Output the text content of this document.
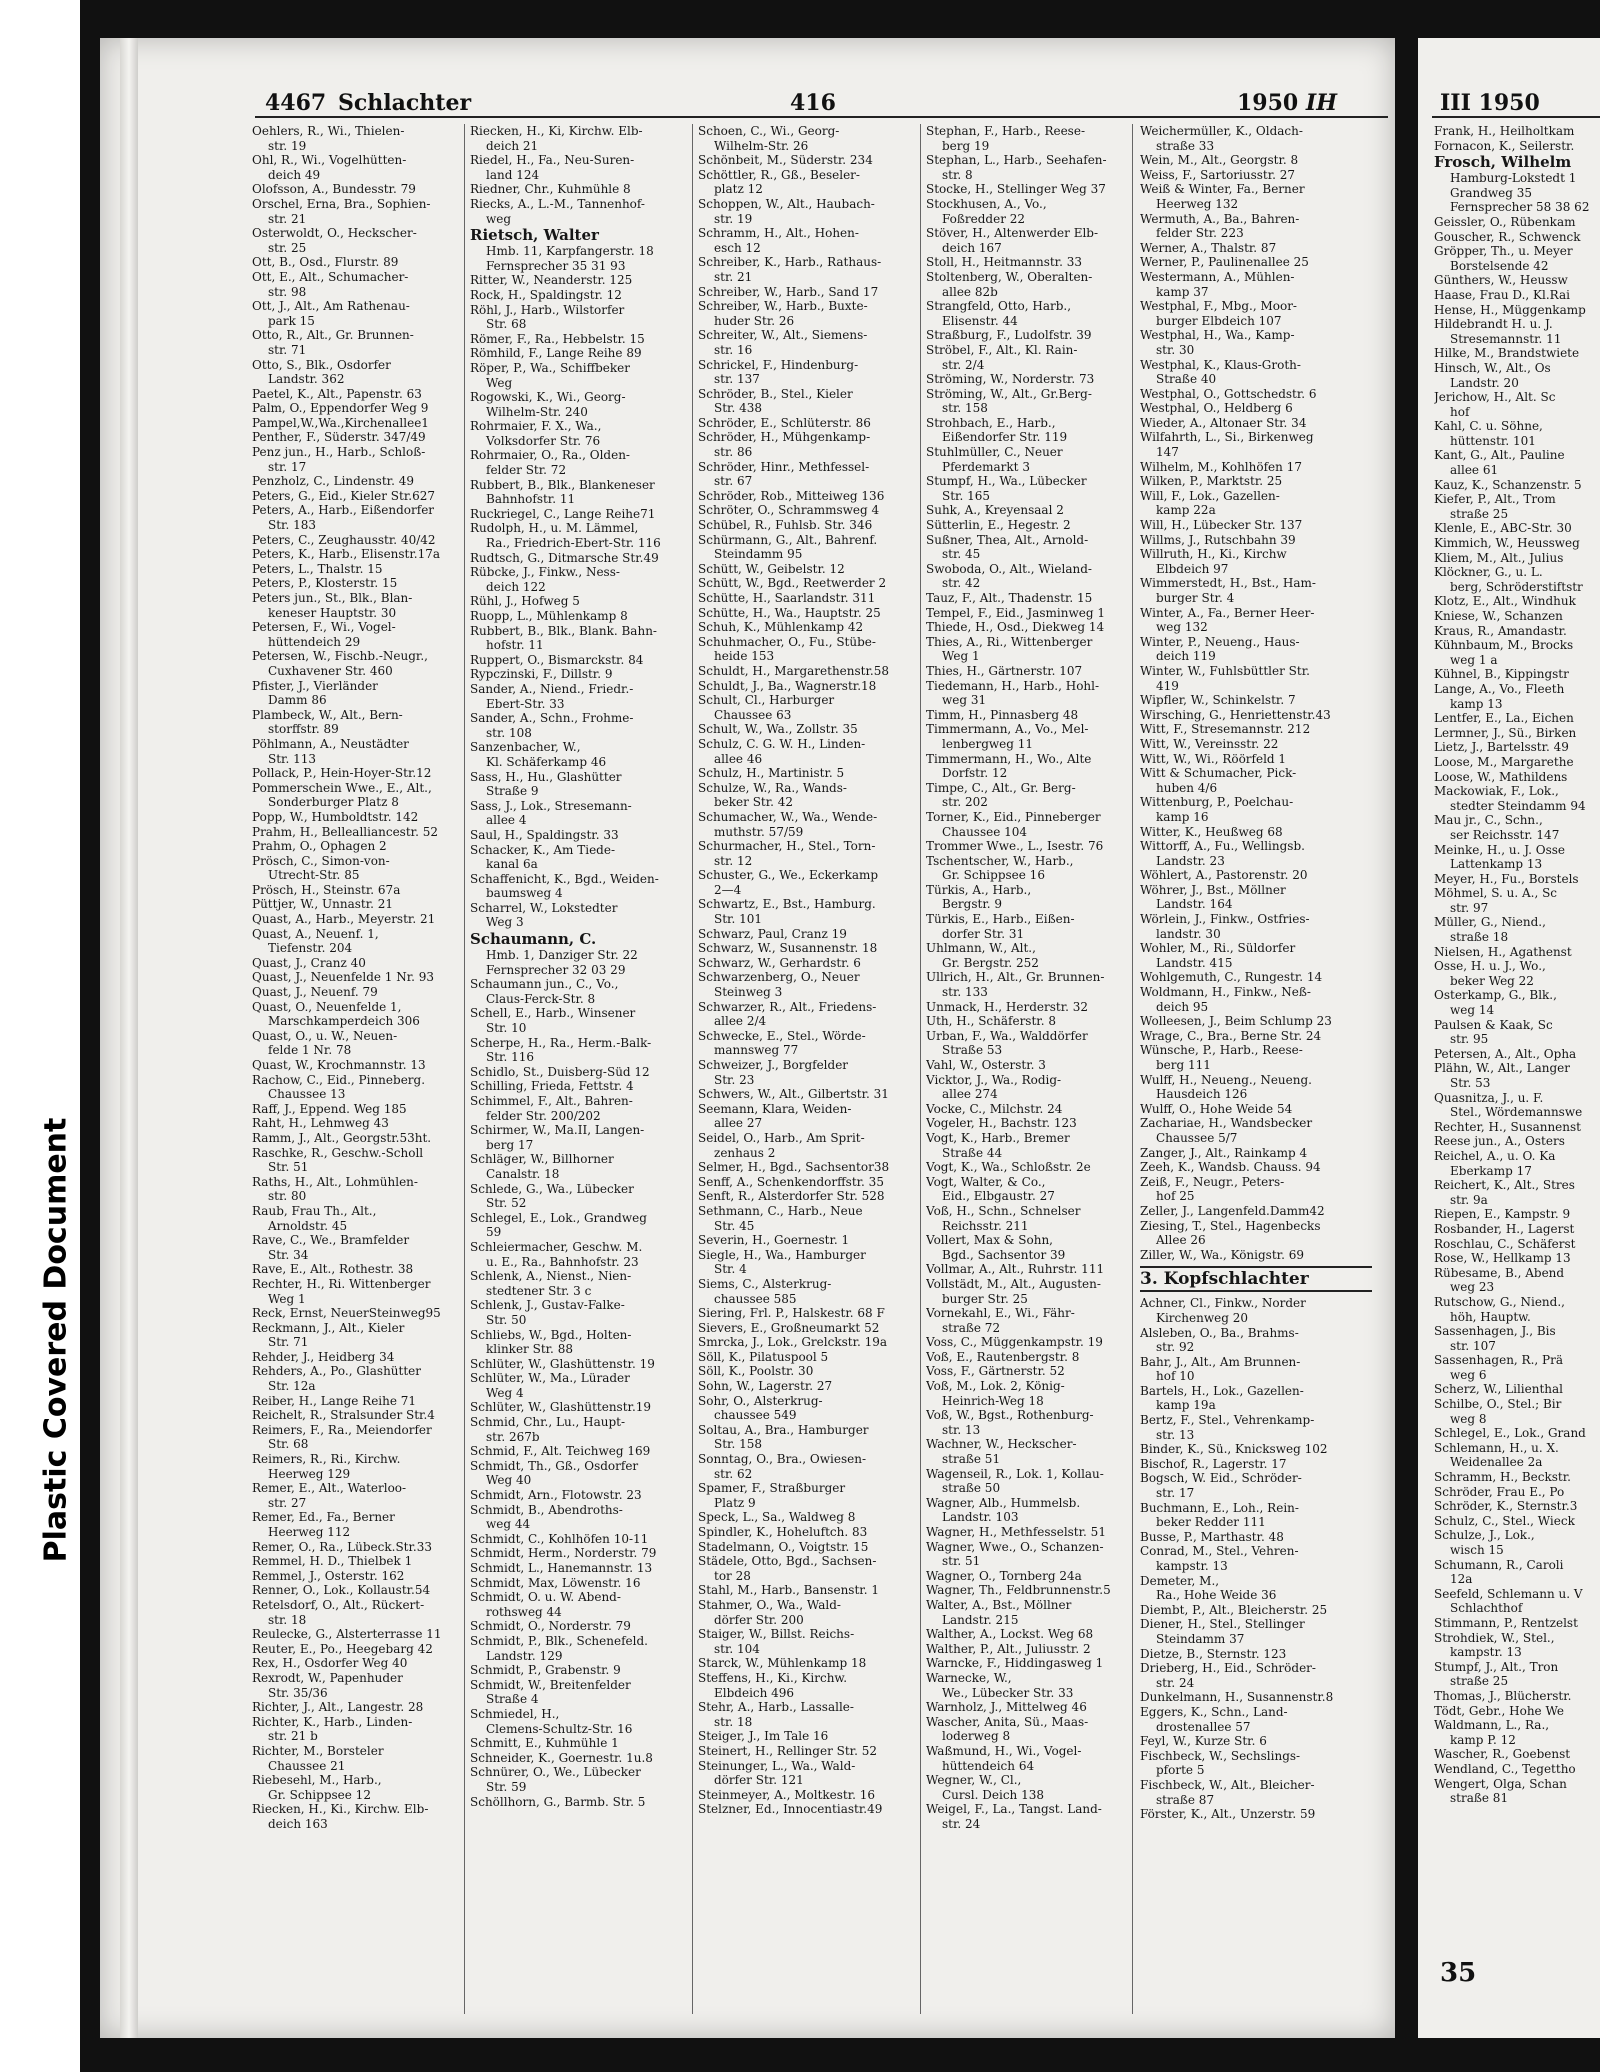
Plastic Covered Document
4467 Schlachter	416	1950 IH	III 1950

Oehlers, R., Wi., Thielen-

str. 19

Ohl, R., Wi., Vogelhütten-

deich 49

Olofsson, A., Bundesstr. 79

Orschel, Erna, Bra., Sophien-

str. 21

Osterwoldt, O., Heckscher-

str. 25

Ott, B., Osd., Flurstr. 89

Ott, E., Alt., Schumacher-

str. 98

Ott, J., Alt., Am Rathenau-

park 15

Otto, R., Alt., Gr. Brunnen-

str. 71

Otto, S., Blk., Osdorfer

Landstr. 362

Paetel, K., Alt., Papenstr. 63

Palm, O., Eppendorfer Weg 9

Pampel,W.,Wa.,Kirchenallee1

Penther, F., Süderstr. 347/49

Penz jun., H., Harb., Schloß-

str. 17

Penzholz, C., Lindenstr. 49

Peters, G., Eid., Kieler Str.627

Peters, A., Harb., Eißendorfer

Str. 183

Peters, C., Zeughausstr. 40/42

Peters, K., Harb., Elisenstr.17a

Peters, L., Thalstr. 15

Peters, P., Klosterstr. 15

Peters jun., St., Blk., Blan-

keneser Hauptstr. 30

Petersen, F., Wi., Vogel-

hüttendeich 29

Petersen, W., Fischb.-Neugr.,

Cuxhavener Str. 460

Pfister, J., Vierländer

Damm 86

Plambeck, W., Alt., Bern-

storffstr. 89

Pöhlmann, A., Neustädter

Str. 113

Pollack, P., Hein-Hoyer-Str.12

Pommerschein Wwe., E., Alt.,

Sonderburger Platz 8

Popp, W., Humboldtstr. 142

Prahm, H., Bellealliancestr. 52

Prahm, O., Ophagen 2

Prösch, C., Simon-von-

Utrecht-Str. 85

Prösch, H., Steinstr. 67a

Püttjer, W., Unnastr. 21

Quast, A., Harb., Meyerstr. 21

Quast, A., Neuenf. 1,

Tiefenstr. 204

Quast, J., Cranz 40

Quast, J., Neuenfelde 1 Nr. 93

Quast, J., Neuenf. 79

Quast, O., Neuenfelde 1,

Marschkamperdeich 306

Quast, O., u. W., Neuen-

felde 1 Nr. 78

Quast, W., Krochmannstr. 13

Rachow, C., Eid., Pinneberg.

Chaussee 13

Raff, J., Eppend. Weg 185

Raht, H., Lehmweg 43

Ramm, J., Alt., Georgstr.53ht.

Raschke, R., Geschw.-Scholl

Str. 51

Raths, H., Alt., Lohmühlen-

str. 80

Raub, Frau Th., Alt.,

Arnoldstr. 45

Rave, C., We., Bramfelder

Str. 34

Rave, E., Alt., Rothestr. 38

Rechter, H., Ri. Wittenberger

Weg 1

Reck, Ernst, NeuerSteinweg95

Reckmann, J., Alt., Kieler

Str. 71

Rehder, J., Heidberg 34

Rehders, A., Po., Glashütter

Str. 12a

Reiber, H., Lange Reihe 71

Reichelt, R., Stralsunder Str.4

Reimers, F., Ra., Meiendorfer

Str. 68

Reimers, R., Ri., Kirchw.

Heerweg 129

Remer, E., Alt., Waterloo-

str. 27

Remer, Ed., Fa., Berner

Heerweg 112

Remer, O., Ra., Lübeck.Str.33

Remmel, H. D., Thielbek 1

Remmel, J., Osterstr. 162

Renner, O., Lok., Kollaustr.54

Retelsdorf, O., Alt., Rückert-

str. 18

Reulecke, G., Alsterterrasse 11

Reuter, E., Po., Heegebarg 42

Rex, H., Osdorfer Weg 40

Rexrodt, W., Papenhuder

Str. 35/36

Richter, J., Alt., Langestr. 28

Richter, K., Harb., Linden-

str. 21 b

Richter, M., Borsteler

Chaussee 21

Riebesehl, M., Harb.,

Gr. Schippsee 12

Riecken, H., Ki., Kirchw. Elb-

deich 163

Riecken, H., Ki, Kirchw. Elb-

deich 21

Riedel, H., Fa., Neu-Suren-

land 124

Riedner, Chr., Kuhmühle 8

Riecks, A., L.-M., Tannenhof-

weg

Rietsch, Walter

Hmb. 11, Karpfangerstr. 18

Fernsprecher 35 31 93

Ritter, W., Neanderstr. 125

Rock, H., Spaldingstr. 12

Röhl, J., Harb., Wilstorfer

Str. 68

Römer, F., Ra., Hebbelstr. 15

Römhild, F., Lange Reihe 89

Röper, P., Wa., Schiffbeker

Weg

Rogowski, K., Wi., Georg-

Wilhelm-Str. 240

Rohrmaier, F. X., Wa.,

Volksdorfer Str. 76

Rohrmaier, O., Ra., Olden-

felder Str. 72

Rubbert, B., Blk., Blankeneser

Bahnhofstr. 11

Ruckriegel, C., Lange Reihe71

Rudolph, H., u. M. Lämmel,

Ra., Friedrich-Ebert-Str. 116

Rudtsch, G., Ditmarsche Str.49

Rübcke, J., Finkw., Ness-

deich 122

Rühl, J., Hofweg 5

Ruopp, L., Mühlenkamp 8

Rubbert, B., Blk., Blank. Bahn-

hofstr. 11

Ruppert, O., Bismarckstr. 84

Rypczinski, F., Dillstr. 9

Sander, A., Niend., Friedr.-

Ebert-Str. 33

Sander, A., Schn., Frohme-

str. 108

Sanzenbacher, W.,

Kl. Schäferkamp 46

Sass, H., Hu., Glashütter

Straße 9

Sass, J., Lok., Stresemann-

allee 4

Saul, H., Spaldingstr. 33

Schacker, K., Am Tiede-

kanal 6a

Schaffenicht, K., Bgd., Weiden-

baumsweg 4

Scharrel, W., Lokstedter

Weg 3

Schaumann, C.

Hmb. 1, Danziger Str. 22

Fernsprecher 32 03 29

Schaumann jun., C., Vo.,

Claus-Ferck-Str. 8

Schell, E., Harb., Winsener

Str. 10

Scherpe, H., Ra., Herm.-Balk-

Str. 116

Schidlo, St., Duisberg-Süd 12

Schilling, Frieda, Fettstr. 4

Schimmel, F., Alt., Bahren-

felder Str. 200/202

Schirmer, W., Ma.II, Langen-

berg 17

Schläger, W., Billhorner

Canalstr. 18

Schlede, G., Wa., Lübecker

Str. 52

Schlegel, E., Lok., Grandweg

59

Schleiermacher, Geschw. M.

u. E., Ra., Bahnhofstr. 23

Schlenk, A., Nienst., Nien-

stedtener Str. 3 c

Schlenk, J., Gustav-Falke-

Str. 50

Schliebs, W., Bgd., Holten-

klinker Str. 88

Schlüter, W., Glashüttenstr. 19

Schlüter, W., Ma., Lürader

Weg 4

Schlüter, W., Glashüttenstr.19

Schmid, Chr., Lu., Haupt-

str. 267b

Schmid, F., Alt. Teichweg 169

Schmidt, Th., Gß., Osdorfer

Weg 40

Schmidt, Arn., Flotowstr. 23

Schmidt, B., Abendroths-

weg 44

Schmidt, C., Kohlhöfen 10-11

Schmidt, Herm., Norderstr. 79

Schmidt, L., Hanemannstr. 13

Schmidt, Max, Löwenstr. 16

Schmidt, O. u. W. Abend-

rothsweg 44

Schmidt, O., Norderstr. 79

Schmidt, P., Blk., Schenefeld.

Landstr. 129

Schmidt, P., Grabenstr. 9

Schmidt, W., Breitenfelder

Straße 4

Schmiedel, H.,

Clemens-Schultz-Str. 16

Schmitt, E., Kuhmühle 1

Schneider, K., Goernestr. 1u.8

Schnürer, O., We., Lübecker

Str. 59

Schöllhorn, G., Barmb. Str. 5

Schoen, C., Wi., Georg-

Wilhelm-Str. 26

Schönbeit, M., Süderstr. 234

Schöttler, R., Gß., Beseler-

platz 12

Schoppen, W., Alt., Haubach-

str. 19

Schramm, H., Alt., Hohen-

esch 12

Schreiber, K., Harb., Rathaus-

str. 21

Schreiber, W., Harb., Sand 17

Schreiber, W., Harb., Buxte-

huder Str. 26

Schreiter, W., Alt., Siemens-

str. 16

Schrickel, F., Hindenburg-

str. 137

Schröder, B., Stel., Kieler

Str. 438

Schröder, E., Schlüterstr. 86

Schröder, H., Mühgenkamp-

str. 86

Schröder, Hinr., Methfessel-

str. 67

Schröder, Rob., Mitteiweg 136

Schröter, O., Schrammsweg 4

Schübel, R., Fuhlsb. Str. 346

Schürmann, G., Alt., Bahrenf.

Steindamm 95

Schütt, W., Geibelstr. 12

Schütt, W., Bgd., Reetwerder 2

Schütte, H., Saarlandstr. 311

Schütte, H., Wa., Hauptstr. 25

Schuh, K., Mühlenkamp 42

Schuhmacher, O., Fu., Stübe-

heide 153

Schuldt, H., Margarethenstr.58

Schuldt, J., Ba., Wagnerstr.18

Schult, Cl., Harburger

Chaussee 63

Schult, W., Wa., Zollstr. 35

Schulz, C. G. W. H., Linden-

allee 46

Schulz, H., Martinistr. 5

Schulze, W., Ra., Wands-

beker Str. 42

Schumacher, W., Wa., Wende-

muthstr. 57/59

Schurmacher, H., Stel., Torn-

str. 12

Schuster, G., We., Eckerkamp

2—4

Schwartz, E., Bst., Hamburg.

Str. 101

Schwarz, Paul, Cranz 19

Schwarz, W., Susannenstr. 18

Schwarz, W., Gerhardstr. 6

Schwarzenberg, O., Neuer

Steinweg 3

Schwarzer, R., Alt., Friedens-

allee 2/4

Schwecke, E., Stel., Wörde-

mannsweg 77

Schweizer, J., Borgfelder

Str. 23

Schwers, W., Alt., Gilbertstr. 31

Seemann, Klara, Weiden-

allee 27

Seidel, O., Harb., Am Sprit-

zenhaus 2

Selmer, H., Bgd., Sachsentor38

Senff, A., Schenkendorffstr. 35

Senft, R., Alsterdorfer Str. 528

Sethmann, C., Harb., Neue

Str. 45

Severin, H., Goernestr. 1

Siegle, H., Wa., Hamburger

Str. 4

Siems, C., Alsterkrug-

chaussee 585

Siering, Frl. P., Halskestr. 68 F

Sievers, E., Großneumarkt 52

Smrcka, J., Lok., Grelckstr. 19a

Söll, K., Pilatuspool 5

Söll, K., Poolstr. 30

Sohn, W., Lagerstr. 27

Sohr, O., Alsterkrug-

chaussee 549

Soltau, A., Bra., Hamburger

Str. 158

Sonntag, O., Bra., Owiesen-

str. 62

Spamer, F., Straßburger

Platz 9

Speck, L., Sa., Waldweg 8

Spindler, K., Hoheluftch. 83

Stadelmann, O., Voigtstr. 15

Städele, Otto, Bgd., Sachsen-

tor 28

Stahl, M., Harb., Bansenstr. 1

Stahmer, O., Wa., Wald-

dörfer Str. 200

Staiger, W., Billst. Reichs-

str. 104

Starck, W., Mühlenkamp 18

Steffens, H., Ki., Kirchw.

Elbdeich 496

Stehr, A., Harb., Lassalle-

str. 18

Steiger, J., Im Tale 16

Steinert, H., Rellinger Str. 52

Steinunger, L., Wa., Wald-

dörfer Str. 121

Steinmeyer, A., Moltkestr. 16

Stelzner, Ed., Innocentiastr.49

Stephan, F., Harb., Reese-

berg 19

Stephan, L., Harb., Seehafen-

str. 8

Stocke, H., Stellinger Weg 37

Stockhusen, A., Vo.,

Foßredder 22

Stöver, H., Altenwerder Elb-

deich 167

Stoll, H., Heitmannstr. 33

Stoltenberg, W., Oberalten-

allee 82b

Strangfeld, Otto, Harb.,

Elisenstr. 44

Straßburg, F., Ludolfstr. 39

Ströbel, F., Alt., Kl. Rain-

str. 2/4

Ströming, W., Norderstr. 73

Ströming, W., Alt., Gr.Berg-

str. 158

Strohbach, E., Harb.,

Eißendorfer Str. 119

Stuhlmüller, C., Neuer

Pferdemarkt 3

Stumpf, H., Wa., Lübecker

Str. 165

Suhk, A., Kreyensaal 2

Sütterlin, E., Hegestr. 2

Sußner, Thea, Alt., Arnold-

str. 45

Swoboda, O., Alt., Wieland-

str. 42

Tauz, F., Alt., Thadenstr. 15

Tempel, F., Eid., Jasminweg 1

Thiede, H., Osd., Diekweg 14

Thies, A., Ri., Wittenberger

Weg 1

Thies, H., Gärtnerstr. 107

Tiedemann, H., Harb., Hohl-

weg 31

Timm, H., Pinnasberg 48

Timmermann, A., Vo., Mel-

lenbergweg 11

Timmermann, H., Wo., Alte

Dorfstr. 12

Timpe, C., Alt., Gr. Berg-

str. 202

Torner, K., Eid., Pinneberger

Chaussee 104

Trommer Wwe., L., Isestr. 76

Tschentscher, W., Harb.,

Gr. Schippsee 16

Türkis, A., Harb.,

Bergstr. 9

Türkis, E., Harb., Eißen-

dorfer Str. 31

Uhlmann, W., Alt.,

Gr. Bergstr. 252

Ullrich, H., Alt., Gr. Brunnen-

str. 133

Unmack, H., Herderstr. 32

Uth, H., Schäferstr. 8

Urban, F., Wa., Walddörfer

Straße 53

Vahl, W., Osterstr. 3

Vicktor, J., Wa., Rodig-

allee 274

Vocke, C., Milchstr. 24

Vogeler, H., Bachstr. 123

Vogt, K., Harb., Bremer

Straße 44

Vogt, K., Wa., Schloßstr. 2e

Vogt, Walter, & Co.,

Eid., Elbgaustr. 27

Voß, H., Schn., Schnelser

Reichsstr. 211

Vollert, Max & Sohn,

Bgd., Sachsentor 39

Vollmar, A., Alt., Ruhrstr. 111

Vollstädt, M., Alt., Augusten-

burger Str. 25

Vornekahl, E., Wi., Fähr-

straße 72

Voss, C., Müggenkampstr. 19

Voß, E., Rautenbergstr. 8

Voss, F., Gärtnerstr. 52

Voß, M., Lok. 2, König-

Heinrich-Weg 18

Voß, W., Bgst., Rothenburg-

str. 13

Wachner, W., Heckscher-

straße 51

Wagenseil, R., Lok. 1, Kollau-

straße 50

Wagner, Alb., Hummelsb.

Landstr. 103

Wagner, H., Methfesselstr. 51

Wagner, Wwe., O., Schanzen-

str. 51

Wagner, O., Tornberg 24a

Wagner, Th., Feldbrunnenstr.5

Walter, A., Bst., Möllner

Landstr. 215

Walther, A., Lockst. Weg 68

Walther, P., Alt., Juliusstr. 2

Warncke, F., Hiddingasweg 1

Warnecke, W.,

We., Lübecker Str. 33

Warnholz, J., Mittelweg 46

Wascher, Anita, Sü., Maas-

loderweg 8

Waßmund, H., Wi., Vogel-

hüttendeich 64

Wegner, W., Cl.,

Cursl. Deich 138

Weigel, F., La., Tangst. Land-

str. 24

Weichermüller, K., Oldach-

straße 33

Wein, M., Alt., Georgstr. 8

Weiss, F., Sartoriusstr. 27

Weiß & Winter, Fa., Berner

Heerweg 132

Wermuth, A., Ba., Bahren-

felder Str. 223

Werner, A., Thalstr. 87

Werner, P., Paulinenallee 25

Westermann, A., Mühlen-

kamp 37

Westphal, F., Mbg., Moor-

burger Elbdeich 107

Westphal, H., Wa., Kamp-

str. 30

Westphal, K., Klaus-Groth-

Straße 40

Westphal, O., Gottschedstr. 6

Westphal, O., Heldberg 6

Wieder, A., Altonaer Str. 34

Wilfahrth, L., Si., Birkenweg

147

Wilhelm, M., Kohlhöfen 17

Wilken, P., Marktstr. 25

Will, F., Lok., Gazellen-

kamp 22a

Will, H., Lübecker Str. 137

Willms, J., Rutschbahn 39

Willruth, H., Ki., Kirchw

Elbdeich 97

Wimmerstedt, H., Bst., Ham-

burger Str. 4

Winter, A., Fa., Berner Heer-

weg 132

Winter, P., Neueng., Haus-

deich 119

Winter, W., Fuhlsbüttler Str.

419

Wipfler, W., Schinkelstr. 7

Wirsching, G., Henriettenstr.43

Witt, F., Stresemannstr. 212

Witt, W., Vereinsstr. 22

Witt, W., Wi., Röörfeld 1

Witt & Schumacher, Pick-

huben 4/6

Wittenburg, P., Poelchau-

kamp 16

Witter, K., Heußweg 68

Wittorff, A., Fu., Wellingsb.

Landstr. 23

Wöhlert, A., Pastorenstr. 20

Wöhrer, J., Bst., Möllner

Landstr. 164

Wörlein, J., Finkw., Ostfries-

landstr. 30

Wohler, M., Ri., Süldorfer

Landstr. 415

Wohlgemuth, C., Rungestr. 14

Woldmann, H., Finkw., Neß-

deich 95

Wolleesen, J., Beim Schlump 23

Wrage, C., Bra., Berne Str. 24

Wünsche, P., Harb., Reese-

berg 111

Wulff, H., Neueng., Neueng.

Hausdeich 126

Wulff, O., Hohe Weide 54

Zachariae, H., Wandsbecker

Chaussee 5/7

Zanger, J., Alt., Rainkamp 4

Zeeh, K., Wandsb. Chauss. 94

Zeiß, F., Neugr., Peters-

hof 25

Zeller, J., Langenfeld.Damm42

Ziesing, T., Stel., Hagenbecks

Allee 26

Ziller, W., Wa., Königstr. 69

3. Kopfschlachter

Achner, Cl., Finkw., Norder

Kirchenweg 20

Alsleben, O., Ba., Brahms-

str. 92

Bahr, J., Alt., Am Brunnen-

hof 10

Bartels, H., Lok., Gazellen-

kamp 19a

Bertz, F., Stel., Vehrenkamp-

str. 13

Binder, K., Sü., Knicksweg 102

Bischof, R., Lagerstr. 17

Bogsch, W. Eid., Schröder-

str. 17

Buchmann, E., Loh., Rein-

beker Redder 111

Busse, P., Marthastr. 48

Conrad, M., Stel., Vehren-

kampstr. 13

Demeter, M.,

Ra., Hohe Weide 36

Diembt, P., Alt., Bleicherstr. 25

Diener, H., Stel., Stellinger

Steindamm 37

Dietze, B., Sternstr. 123

Drieberg, H., Eid., Schröder-

str. 24

Dunkelmann, H., Susannenstr.8

Eggers, K., Schn., Land-

drostenallee 57

Feyl, W., Kurze Str. 6

Fischbeck, W., Sechslings-

pforte 5

Fischbeck, W., Alt., Bleicher-

straße 87

Förster, K., Alt., Unzerstr. 59

Frank, H., Heilholtkam

Fornacon, K., Seilerstr.

Frosch, Wilhelm

Hamburg-Lokstedt 1

Grandweg 35

Fernsprecher 58 38 62

Geissler, O., Rübenkam

Gouscher, R., Schwenck

Gröpper, Th., u. Meyer

Borstelsende 42

Günthers, W., Heussw

Haase, Frau D., Kl.Rai

Hense, H., Müggenkamp

Hildebrandt H. u. J.

Stresemannstr. 11

Hilke, M., Brandstwiete

Hinsch, W., Alt., Os

Landstr. 20

Jerichow, H., Alt. Sc

hof

Kahl, C. u. Söhne,

hüttenstr. 101

Kant, G., Alt., Pauline

allee 61

Kauz, K., Schanzenstr. 5

Kiefer, P., Alt., Trom

straße 25

Klenle, E., ABC-Str. 30

Kimmich, W., Heussweg

Kliem, M., Alt., Julius

Klöckner, G., u. L.

berg, Schröderstiftstr

Klotz, E., Alt., Windhuk

Kniese, W., Schanzen

Kraus, R., Amandastr.

Kühnbaum, M., Brocks

weg 1 a

Kühnel, B., Kippingstr

Lange, A., Vo., Fleeth

kamp 13

Lentfer, E., La., Eichen

Lermner, J., Sü., Birken

Lietz, J., Bartelsstr. 49

Loose, M., Margarethe

Loose, W., Mathildens

Mackowiak, F., Lok.,

stedter Steindamm 94

Mau jr., C., Schn.,

ser Reichsstr. 147

Meinke, H., u. J. Osse

Lattenkamp 13

Meyer, H., Fu., Borstels

Möhmel, S. u. A., Sc

str. 97

Müller, G., Niend.,

straße 18

Nielsen, H., Agathenst

Osse, H. u. J., Wo.,

beker Weg 22

Osterkamp, G., Blk.,

weg 14

Paulsen & Kaak, Sc

str. 95

Petersen, A., Alt., Opha

Plähn, W., Alt., Langer

Str. 53

Quasnitza, J., u. F.

Stel., Wördemannswe

Rechter, H., Susannenst

Reese jun., A., Osters

Reichel, A., u. O. Ka

Eberkamp 17

Reichert, K., Alt., Stres

str. 9a

Riepen, E., Kampstr. 9

Rosbander, H., Lagerst

Roschlau, C., Schäferst

Rose, W., Hellkamp 13

Rübesame, B., Abend

weg 23

Rutschow, G., Niend.,

höh, Hauptw.

Sassenhagen, J., Bis

str. 107

Sassenhagen, R., Prä

weg 6

Scherz, W., Lilienthal

Schilbe, O., Stel.; Bir

weg 8

Schlegel, E., Lok., Grand

Schlemann, H., u. X.

Weidenallee 2a

Schramm, H., Beckstr.

Schröder, Frau E., Po

Schröder, K., Sternstr.3

Schulz, C., Stel., Wieck

Schulze, J., Lok.,

wisch 15

Schumann, R., Caroli

12a

Seefeld, Schlemann u. V

Schlachthof

Stimmann, P., Rentzelst

Strohdiek, W., Stel.,

kampstr. 13

Stumpf, J., Alt., Tron

straße 25

Thomas, J., Blücherstr.

Tödt, Gebr., Hohe We

Waldmann, L., Ra.,

kamp P. 12

Wascher, R., Goebenst

Wendland, C., Tegettho

Wengert, Olga, Schan

straße 81

35
